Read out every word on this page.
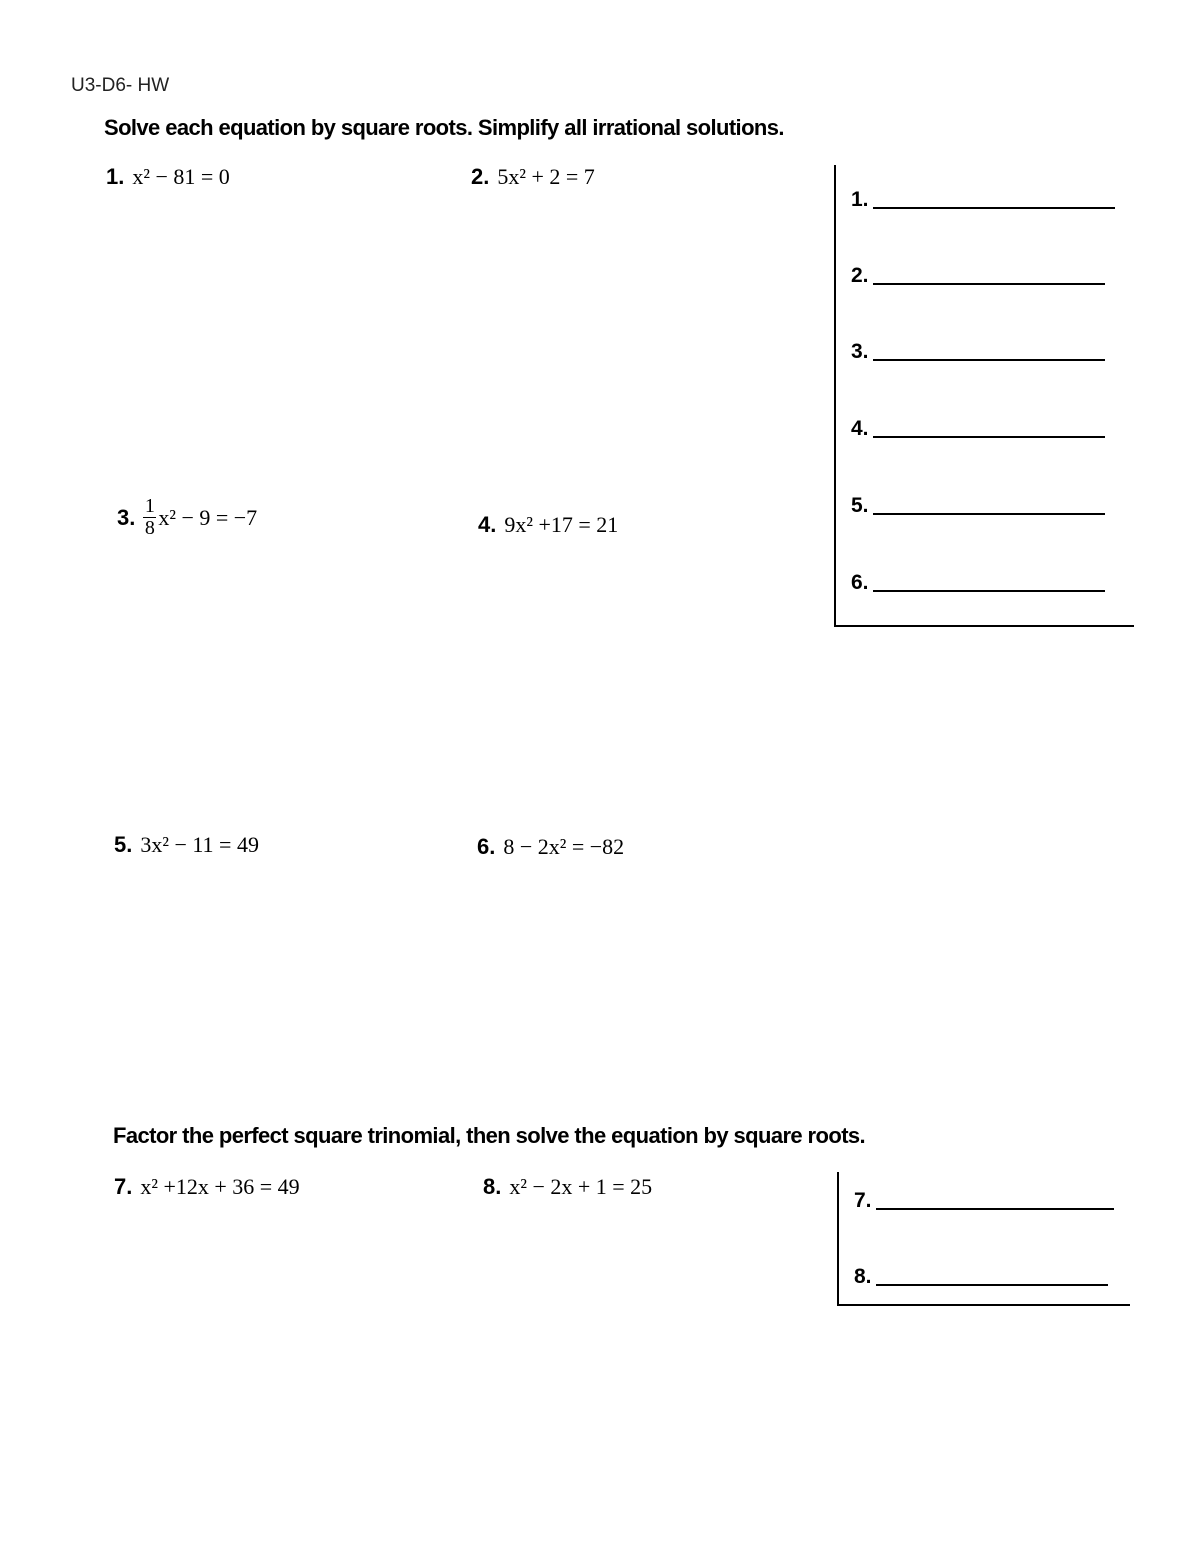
U3-D6- HW
Solve each equation by square roots. Simplify all irrational solutions.
1. x² − 81 = 0	2. 5x² + 2 = 7
3. $\frac{1}{8} x^2 - 9 = -7$	4. 9x² +17 = 21
5. 3x² − 11 = 49	6. 8 − 2x² = −82
1.
2.
3.
4.
5.
6.
Factor the perfect square trinomial, then solve the equation by square roots.
7. x² +12x + 36 = 49	8. x² − 2x + 1 = 25
7.
8.
